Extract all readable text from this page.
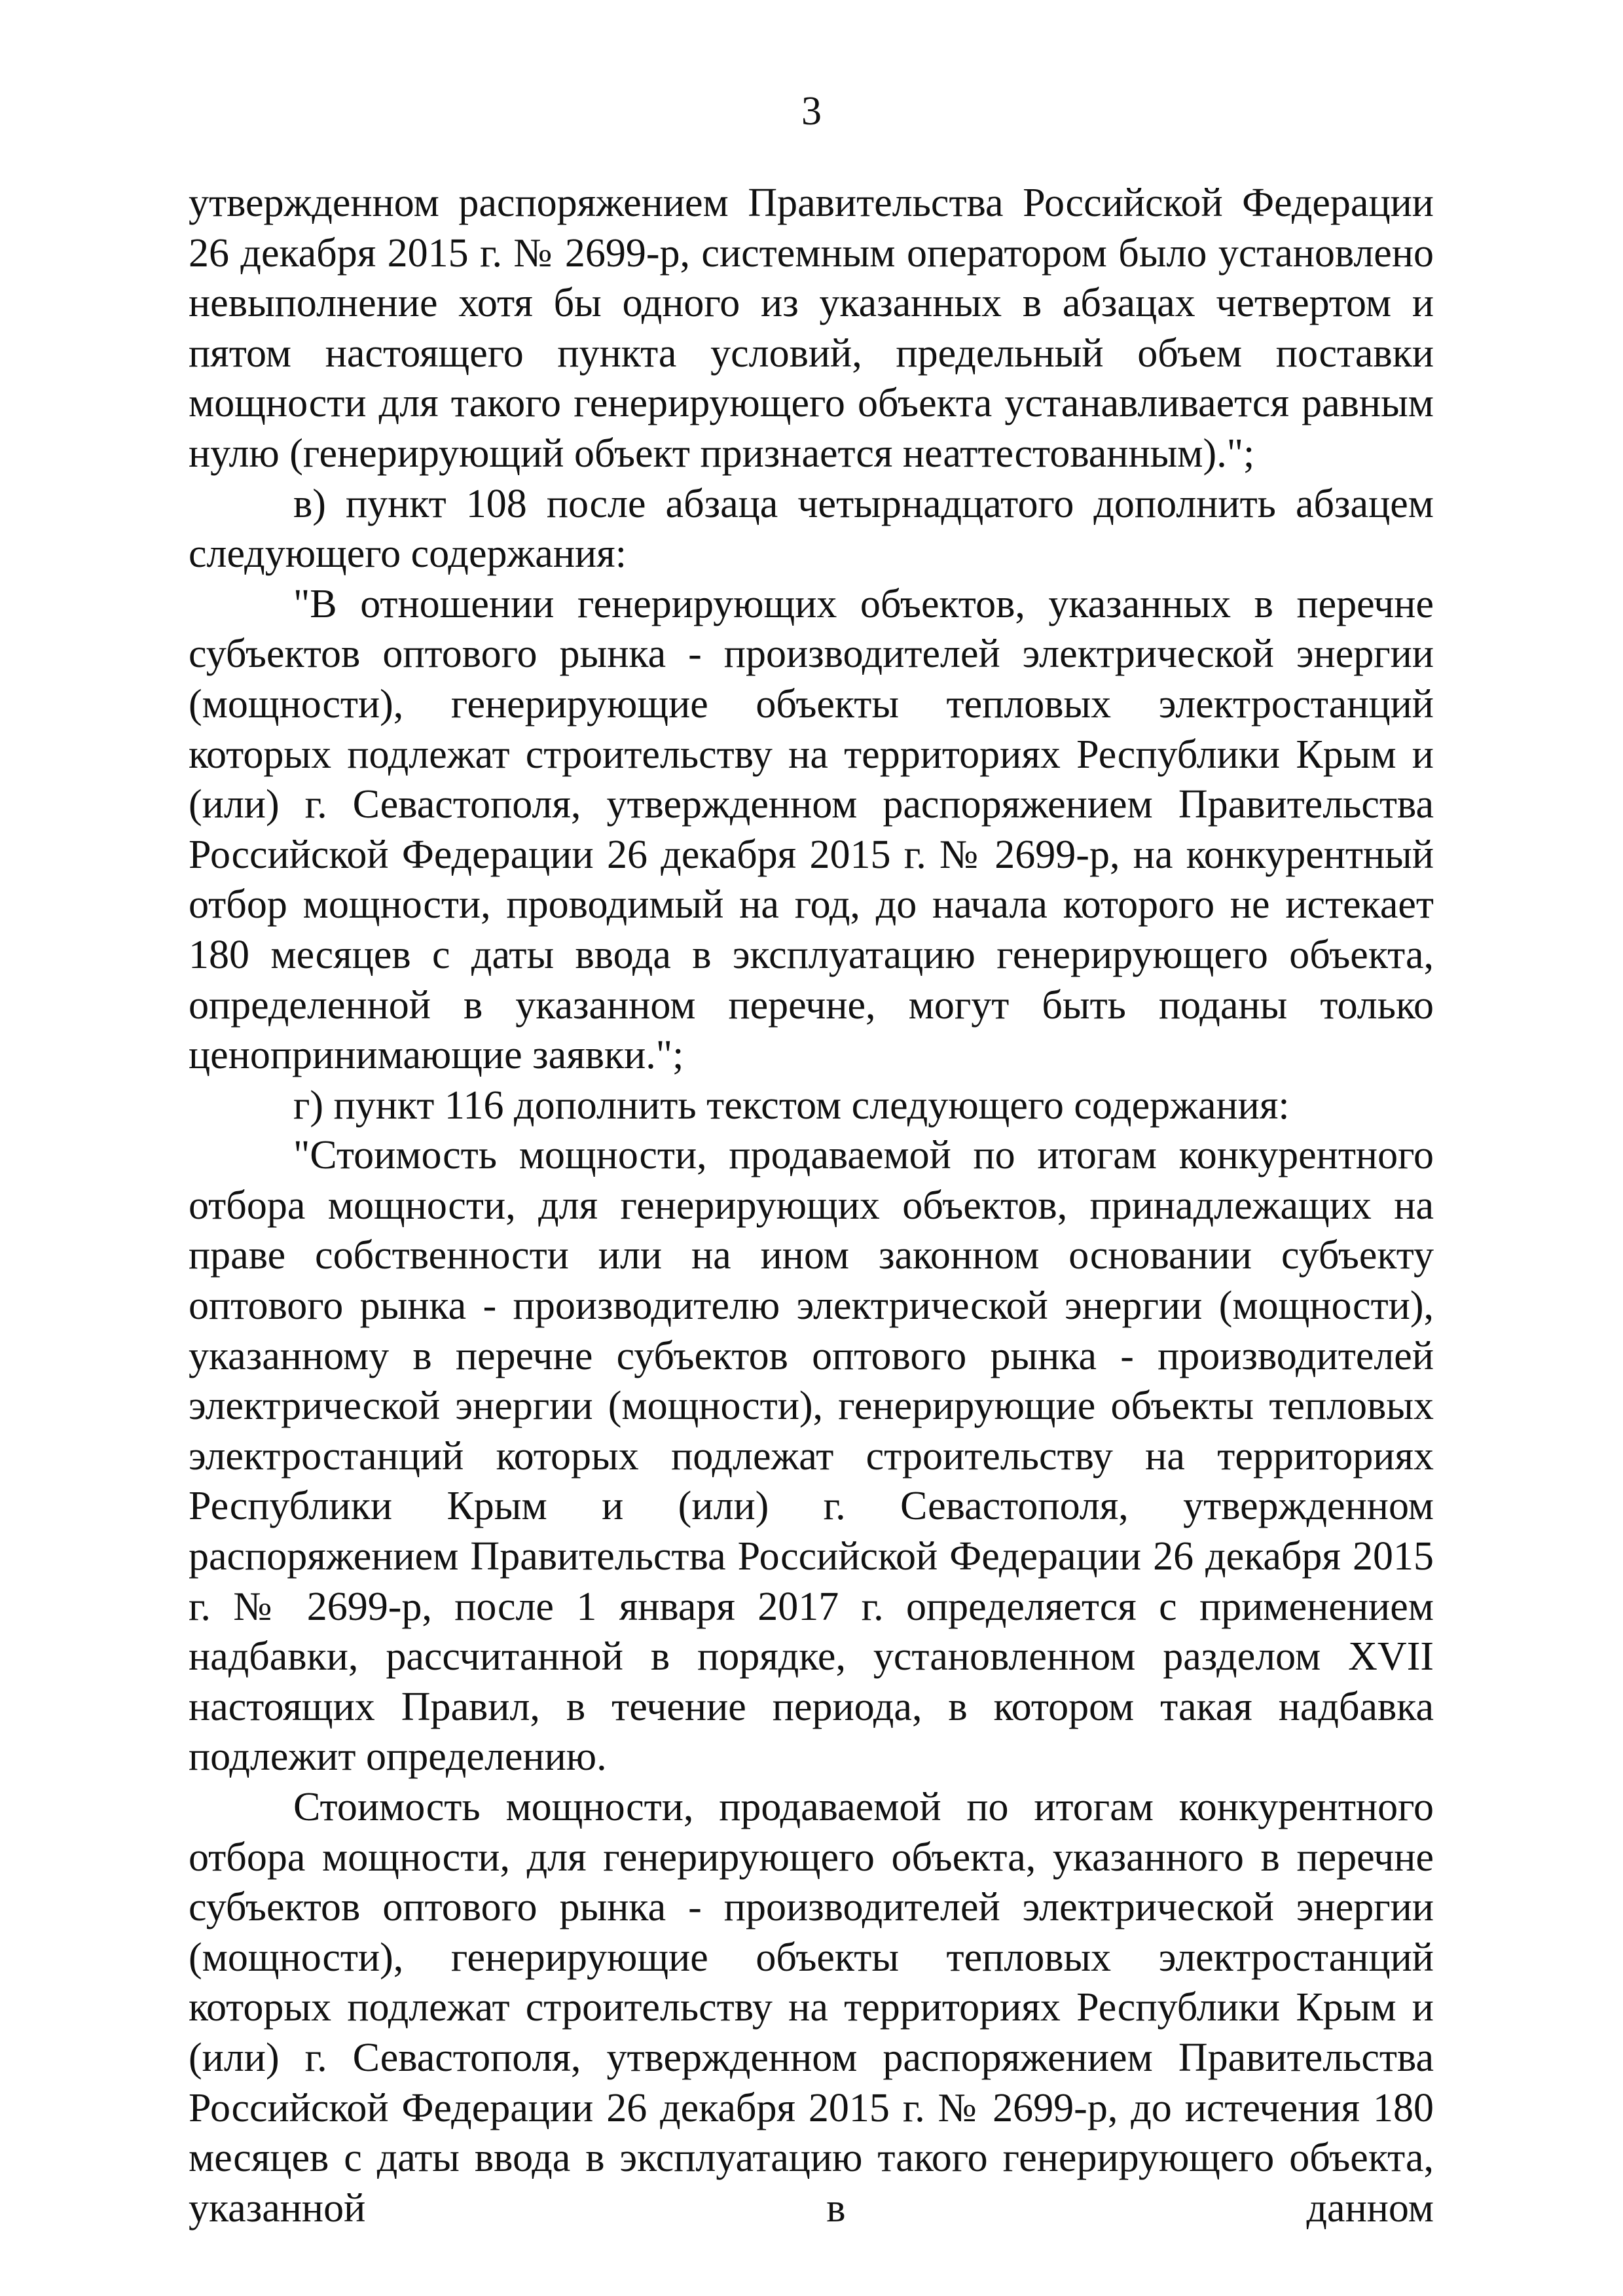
3

утвержденном распоряжением Правительства Российской Федерации 26 декабря 2015 г. № 2699-р, системным оператором было установлено невыполнение хотя бы одного из указанных в абзацах четвертом и пятом настоящего пункта условий, предельный объем поставки мощности для такого генерирующего объекта устанавливается равным нулю (генерирующий объект признается неаттестованным).";

в) пункт 108 после абзаца четырнадцатого дополнить абзацем следующего содержания:

"В отношении генерирующих объектов, указанных в перечне субъектов оптового рынка - производителей электрической энергии (мощности), генерирующие объекты тепловых электростанций которых подлежат строительству на территориях Республики Крым и (или) г. Севастополя, утвержденном распоряжением Правительства Российской Федерации 26 декабря 2015 г. № 2699-р, на конкурентный отбор мощности, проводимый на год, до начала которого не истекает 180 месяцев с даты ввода в эксплуатацию генерирующего объекта, определенной в указанном перечне, могут быть поданы только ценопринимающие заявки.";

г) пункт 116 дополнить текстом следующего содержания:

"Стоимость мощности, продаваемой по итогам конкурентного отбора мощности, для генерирующих объектов, принадлежащих на праве собственности или на ином законном основании субъекту оптового рынка - производителю электрической энергии (мощности), указанному в перечне субъектов оптового рынка - производителей электрической энергии (мощности), генерирующие объекты тепловых электростанций которых подлежат строительству на территориях Республики Крым и (или) г. Севастополя, утвержденном распоряжением Правительства Российской Федерации 26 декабря 2015 г. № 2699-р, после 1 января 2017 г. определяется с применением надбавки, рассчитанной в порядке, установленном разделом XVII настоящих Правил, в течение периода, в котором такая надбавка подлежит определению.

Стоимость мощности, продаваемой по итогам конкурентного отбора мощности, для генерирующего объекта, указанного в перечне субъектов оптового рынка - производителей электрической энергии (мощности), генерирующие объекты тепловых электростанций которых подлежат строительству на территориях Республики Крым и (или) г. Севастополя, утвержденном распоряжением Правительства Российской Федерации 26 декабря 2015 г. № 2699-р, до истечения 180 месяцев с даты ввода в эксплуатацию такого генерирующего объекта, указанной в данном
